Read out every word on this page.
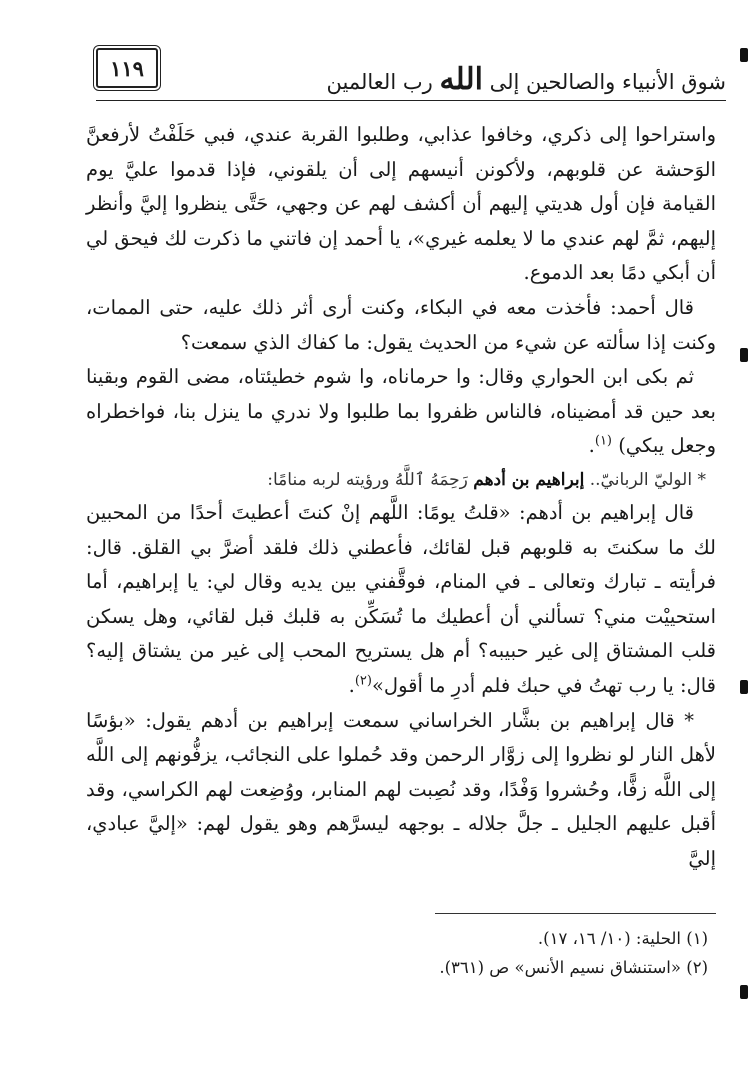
شوق الأنبياء والصالحين إلى الله رب العالمين
١١٩

واستراحوا إلى ذكري، وخافوا عذابي، وطلبوا القربة عندي، فبي حَلَفْتُ لأرفعنَّ الوَحشة عن قلوبهم، ولأكونن أنيسهم إلى أن يلقوني، فإذا قدموا عليَّ يوم القيامة فإن أول هديتي إليهم أن أكشف لهم عن وجهي، حَتَّى ينظروا إليَّ وأنظر إليهم، ثمَّ لهم عندي ما لا يعلمه غيري»، يا أحمد إن فاتني ما ذكرت لك فيحق لي أن أبكي دمًا بعد الدموع.

قال أحمد: فأخذت معه في البكاء، وكنت أرى أثر ذلك عليه، حتى الممات، وكنت إذا سألته عن شيء من الحديث يقول: ما كفاك الذي سمعت؟

ثم بكى ابن الحواري وقال: وا حرماناه، وا شوم خطيئتاه، مضى القوم وبقينا بعد حين قد أمضيناه، فالناس ظفروا بما طلبوا ولا ندري ما ينزل بنا، فواخطراه وجعل يبكي) $^{(١)}$.

* الوليّ الربانيّ.. إبراهيم بن أدهم رَحِمَهُ ٱللَّهُ ورؤيته لربه منامًا:

قال إبراهيم بن أدهم: «قلتُ يومًا: اللَّهم إنْ كنتَ أعطيتَ أحدًا من المحبين لك ما سكنتَ به قلوبهم قبل لقائك، فأعطني ذلك فلقد أضرَّ بي القلق. قال: فرأيته ـ تبارك وتعالى ـ في المنام، فوقَّفني بين يديه وقال لي: يا إبراهيم، أما استحييْت مني؟ تسألني أن أعطيك ما تُسَكِّن به قلبك قبل لقائي، وهل يسكن قلب المشتاق إلى غير حبيبه؟ أم هل يستريح المحب إلى غير من يشتاق إليه؟ قال: يا رب تهتُ في حبك فلم أدرِ ما أقول»$^{(٢)}$.

* قال إبراهيم بن بشَّار الخراساني سمعت إبراهيم بن أدهم يقول: «بؤسًا لأهل النار لو نظروا إلى زوَّار الرحمن وقد حُملوا على النجائب، يزفُّونهم إلى اللَّه إلى اللَّه زفًّا، وحُشروا وَفْدًا، وقد نُصِبت لهم المنابر، ووُضِعت لهم الكراسي، وقد أقبل عليهم الجليل ـ جلَّ جلاله ـ بوجهه ليسرَّهم وهو يقول لهم: «إليَّ عبادي، إليَّ

(١) الحلية: (١٠/ ١٦، ١٧).
(٢) «استنشاق نسيم الأنس» ص (٣٦١).
